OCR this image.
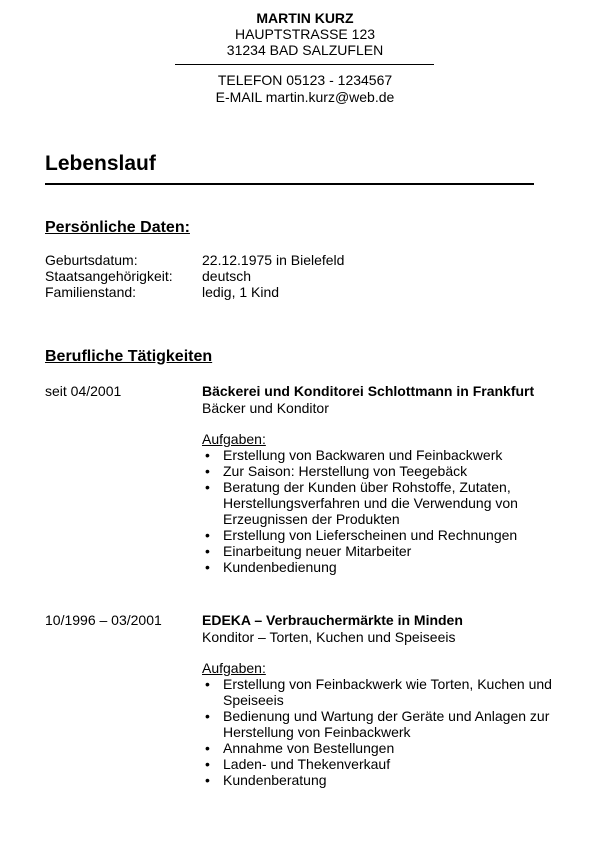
MARTIN KURZ
HAUPTSTRASSE 123
31234 BAD SALZUFLEN
TELEFON 05123 - 1234567
E-MAIL martin.kurz@web.de
Lebenslauf
Persönliche Daten:
Geburtsdatum:	22.12.1975 in Bielefeld
Staatsangehörigkeit: deutsch
Familienstand:	ledig, 1 Kind
Berufliche Tätigkeiten
seit 04/2001	Bäckerei und Konditorei Schlottmann in Frankfurt
Bäcker und Konditor
Aufgaben:
• Erstellung von Backwaren und Feinbackwerk
• Zur Saison: Herstellung von Teegebäck
• Beratung der Kunden über Rohstoffe, Zutaten, Herstellungsverfahren und die Verwendung von Erzeugnissen der Produkten
• Erstellung von Lieferscheinen und Rechnungen
• Einarbeitung neuer Mitarbeiter
• Kundenbedienung
10/1996 – 03/2001	EDEKA – Verbrauchermärkte in Minden
Konditor – Torten, Kuchen und Speiseeis
Aufgaben:
• Erstellung von Feinbackwerk wie Torten, Kuchen und Speiseeis
• Bedienung und Wartung der Geräte und Anlagen zur Herstellung von Feinbackwerk
• Annahme von Bestellungen
• Laden- und Thekenverkauf
• Kundenberatung
